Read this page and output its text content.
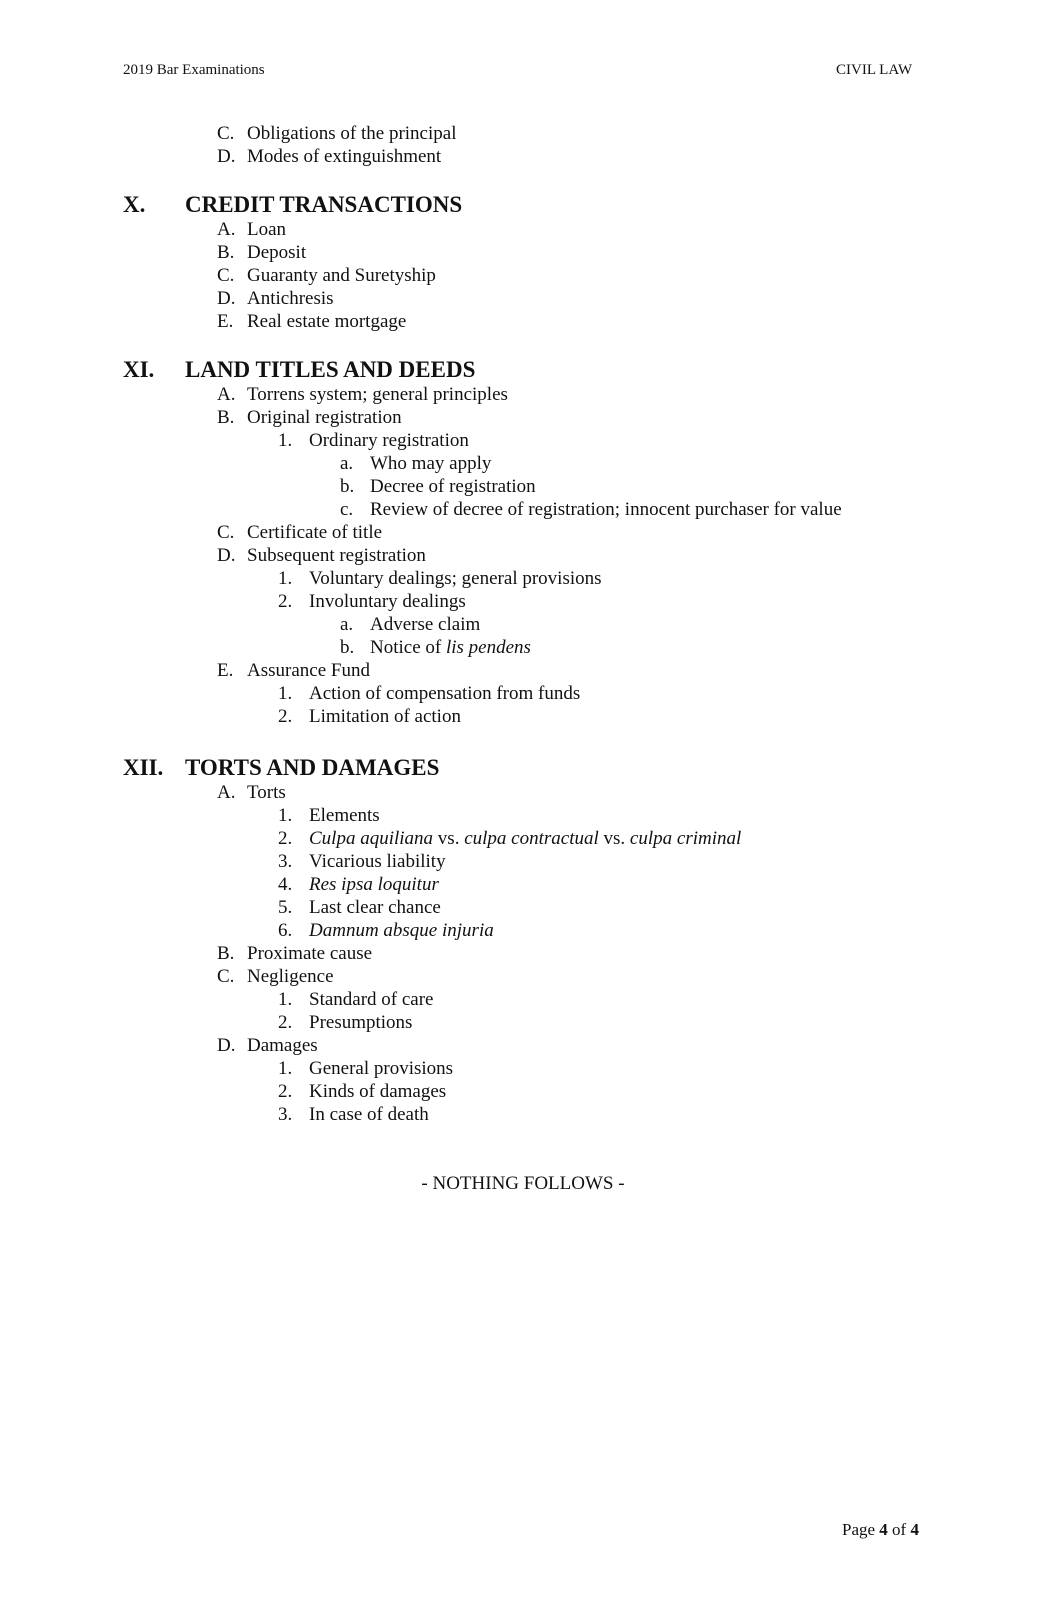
2019 Bar Examinations	CIVIL LAW
C. Obligations of the principal
D. Modes of extinguishment
X. CREDIT TRANSACTIONS
A. Loan
B. Deposit
C. Guaranty and Suretyship
D. Antichresis
E. Real estate mortgage
XI. LAND TITLES AND DEEDS
A. Torrens system; general principles
B. Original registration
1. Ordinary registration
a. Who may apply
b. Decree of registration
c. Review of decree of registration; innocent purchaser for value
C. Certificate of title
D. Subsequent registration
1. Voluntary dealings; general provisions
2. Involuntary dealings
a. Adverse claim
b. Notice of lis pendens
E. Assurance Fund
1. Action of compensation from funds
2. Limitation of action
XII. TORTS AND DAMAGES
A. Torts
1. Elements
2. Culpa aquiliana vs. culpa contractual vs. culpa criminal
3. Vicarious liability
4. Res ipsa loquitur
5. Last clear chance
6. Damnum absque injuria
B. Proximate cause
C. Negligence
1. Standard of care
2. Presumptions
D. Damages
1. General provisions
2. Kinds of damages
3. In case of death
- NOTHING FOLLOWS -
Page 4 of 4
